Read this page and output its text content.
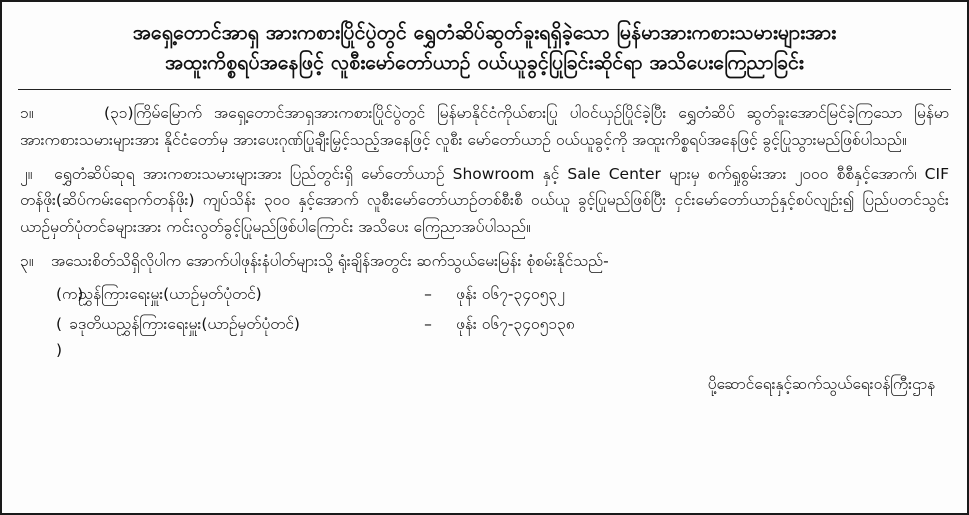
အရှေ့တောင်အာရှ အားကစားပြိုင်ပွဲတွင် ရွှေတံဆိပ်ဆွတ်ခူးရရှိခဲ့သော မြန်မာအားကစားသမားများအား
အထူးကိစ္စရပ်အနေဖြင့် လူစီးမော်တော်ယာဉ် ဝယ်ယူခွင့်ပြုခြင်းဆိုင်ရာ အသိပေးကြေညာခြင်း
၁။	(၃၁)ကြိမ်မြောက် အရှေ့တောင်အာရှအားကစားပြိုင်ပွဲတွင် မြန်မာနိုင်ငံကိုယ်စားပြု ပါဝင်ယှဉ်ပြိုင်ခဲ့ပြီး ရွှေတံဆိပ် ဆွတ်ခူးအောင်မြင်ခဲ့ကြသော မြန်မာအားကစားသမားများအား နိုင်ငံတော်မှ အားပေးဂုဏ်ပြုချီးမြှင့်သည့်အနေဖြင့် လူစီး မော်တော်ယာဉ် ဝယ်ယူခွင့်ကို အထူးကိစ္စရပ်အနေဖြင့် ခွင့်ပြုသွားမည်ဖြစ်ပါသည်။
၂။ ရွှေတံဆိပ်ဆုရ အားကစားသမားများအား ပြည်တွင်းရှိ မော်တော်ယာဉ် Showroom နှင့် Sale Center များမှ စက်ရှုစွမ်းအား ၂၀၀၀ စီစီနှင့်အောက်၊ CIF တန်ဖိုး(ဆိပ်ကမ်းရောက်တန်ဖိုး) ကျပ်သိန်း ၃၀၀ နှင့်အောက် လူစီးမော်တော်ယာဉ်တစ်စီးစီ ဝယ်ယူ ခွင့်ပြုမည်ဖြစ်ပြီး ငှင်းမော်တော်ယာဉ်နှင့်စပ်လျဉ်း၍ ပြည်ပတင်သွင်းယာဉ်မှတ်ပုံတင်ခများအား ကင်းလွတ်ခွင့်ပြုမည်ဖြစ်ပါကြောင်း အသိပေး ကြေညာအပ်ပါသည်။
၃။ အသေးစိတ်သိရှိလိုပါက အောက်ပါဖုန်းနံပါတ်များသို့ ရုံးချိန်အတွင်း ဆက်သွယ်မေးမြန်း စုံစမ်းနိုင်သည်-
(က)
ညွှန်ကြားရေးမှူး(ယာဉ်မှတ်ပုံတင်)	–	ဖုန်း ၀၆၇-၃၄၀၅၃၂
( ခ )
ဒုတိယညွှန်ကြားရေးမှူး(ယာဉ်မှတ်ပုံတင်)	–	ဖုန်း ၀၆၇-၃၄၀၅၁၃၈
ပို့ဆောင်ရေးနှင့်ဆက်သွယ်ရေးဝန်ကြီးဌာန
